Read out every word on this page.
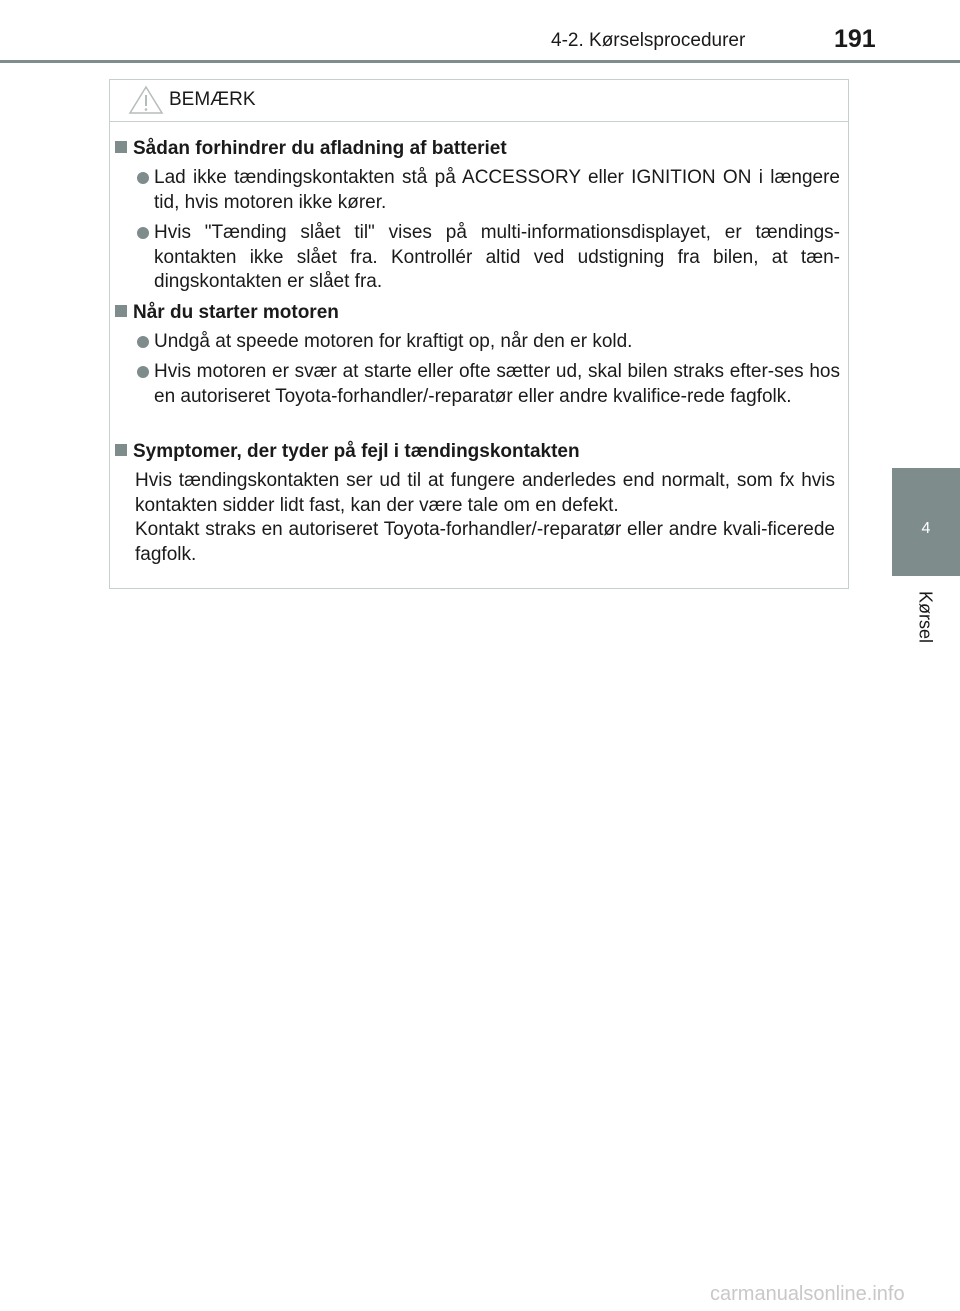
4-2. Kørselsprocedurer	191
4
Kørsel
BEMÆRK
Sådan forhindrer du afladning af batteriet
Lad ikke tændingskontakten stå på ACCESSORY eller IGNITION ON i længere tid, hvis motoren ikke kører.
Hvis "Tænding slået til" vises på multi-informationsdisplayet, er tændings-kontakten ikke slået fra. Kontrollér altid ved udstigning fra bilen, at tæn-dingskontakten er slået fra.
Når du starter motoren
Undgå at speede motoren for kraftigt op, når den er kold.
Hvis motoren er svær at starte eller ofte sætter ud, skal bilen straks efter-ses hos en autoriseret Toyota-forhandler/-reparatør eller andre kvalifice-rede fagfolk.
Symptomer, der tyder på fejl i tændingskontakten
Hvis tændingskontakten ser ud til at fungere anderledes end normalt, som fx hvis kontakten sidder lidt fast, kan der være tale om en defekt.
Kontakt straks en autoriseret Toyota-forhandler/-reparatør eller andre kvali-ficerede fagfolk.
carmanualsonline.info
